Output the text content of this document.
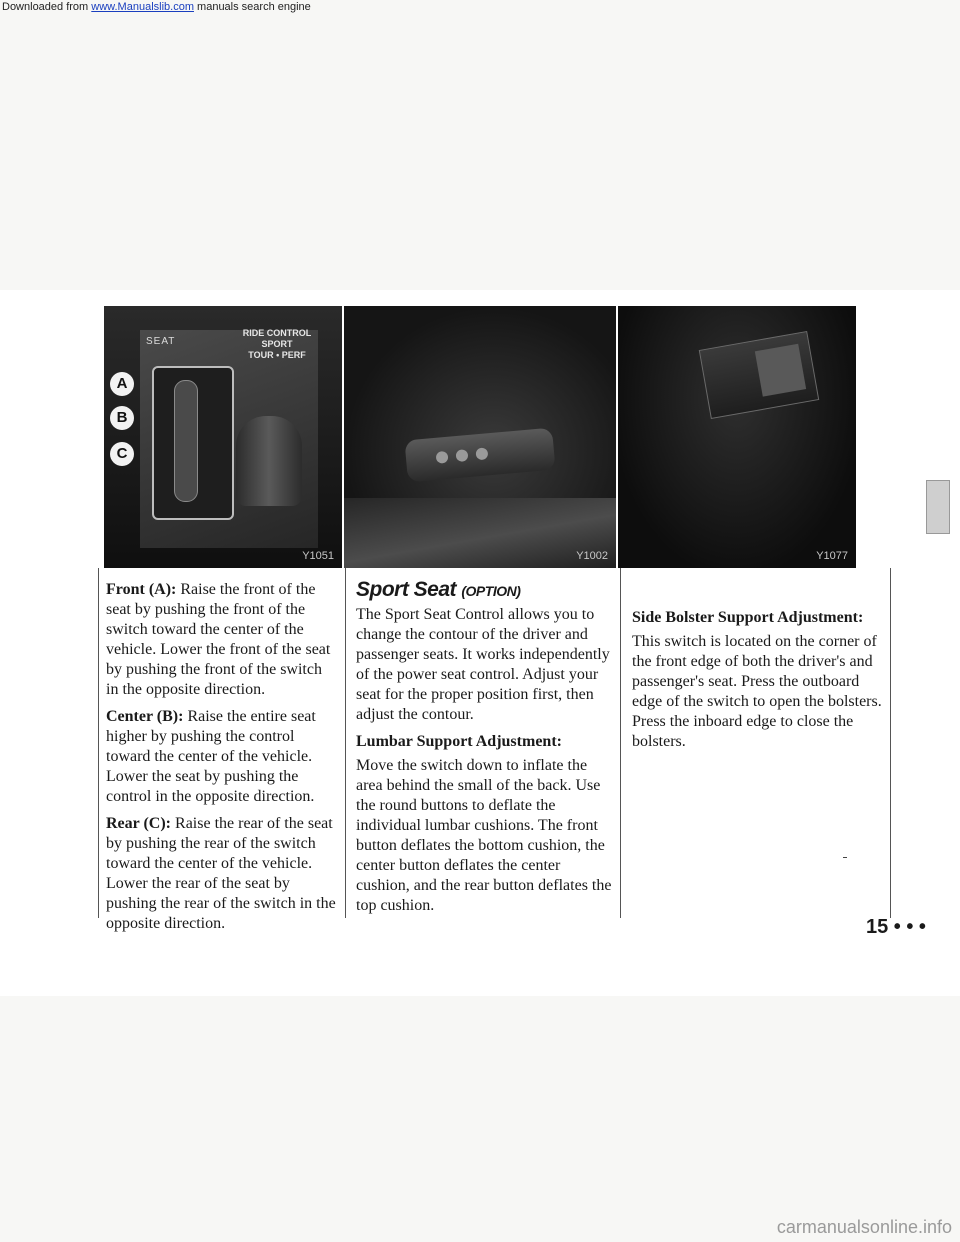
Downloaded from www.Manualslib.com manuals search engine
SEAT
A
B
C
RIDE CONTROL
SPORT
TOUR • PERF
Y1051	Y1002	Y1077

Front (A): Raise the front of the seat by pushing the front of the switch toward the center of the vehicle. Lower the front of the seat by pushing the front of the switch in the opposite direction.

Center (B): Raise the entire seat higher by pushing the control toward the center of the vehicle. Lower the seat by pushing the control in the opposite direction.

Rear (C): Raise the rear of the seat by pushing the rear of the switch toward the center of the vehicle. Lower the rear of the seat by pushing the rear of the switch in the opposite direction.

Sport Seat (OPTION)

The Sport Seat Control allows you to change the contour of the driver and passenger seats. It works independently of the power seat control. Adjust your seat for the proper position first, then adjust the contour.

Lumbar Support Adjustment:

Move the switch down to inflate the area behind the small of the back. Use the round buttons to deflate the individual lumbar cushions. The front button deflates the bottom cushion, the center button deflates the center cushion, and the rear button deflates the top cushion.

Side Bolster Support Adjustment:

This switch is located on the corner of the front edge of both the driver's and passenger's seat. Press the outboard edge of the switch to open the bolsters. Press the inboard edge to close the bolsters.

15 • • •
carmanualsonline.info
